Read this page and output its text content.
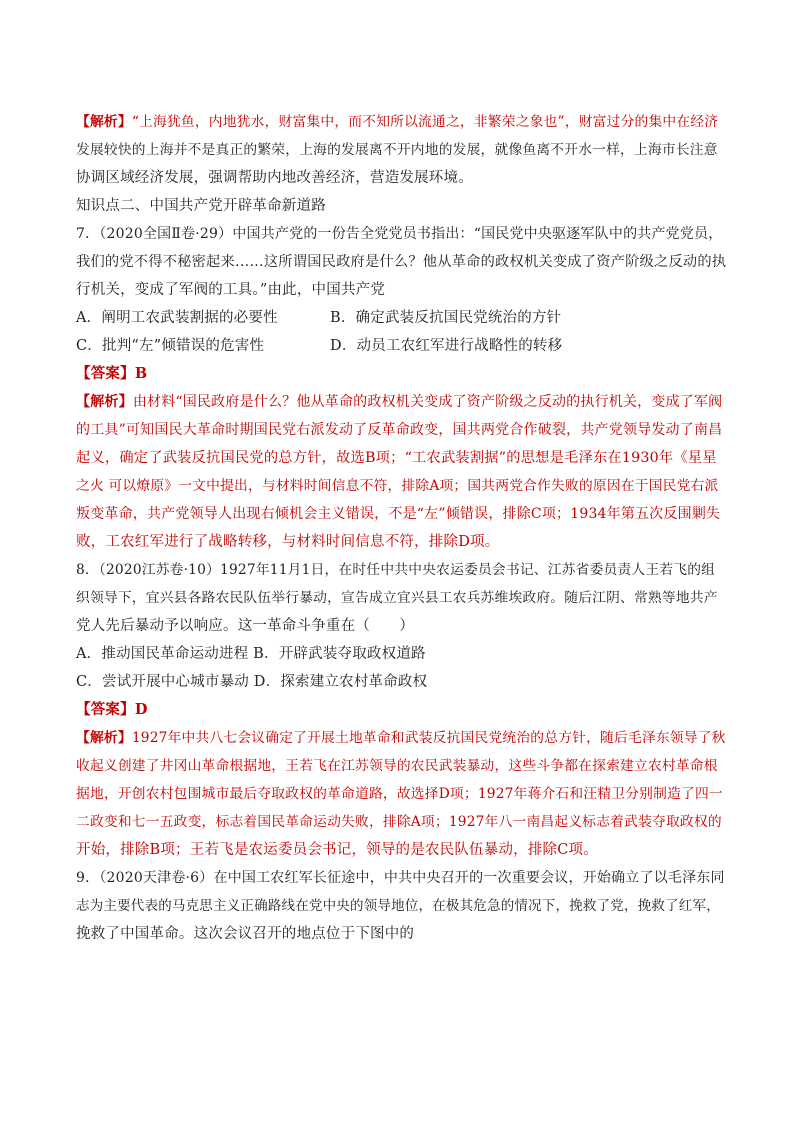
【解析】“上海犹鱼，内地犹水，财富集中，而不知所以流通之，非繁荣之象也”，财富过分的集中在经济
发展较快的上海并不是真正的繁荣，上海的发展离不开内地的发展，就像鱼离不开水一样，上海市长注意
协调区域经济发展，强调帮助内地改善经济，营造发展环境。
知识点二、中国共产党开辟革命新道路
7．（2020全国Ⅱ卷·29）中国共产党的一份告全党党员书指出：“国民党中央驱逐军队中的共产党党员，
我们的党不得不秘密起来……这所谓国民政府是什么？他从革命的政权机关变成了资产阶级之反动的执
行机关，变成了军阀的工具。”由此，中国共产党
A．阐明工农武装割据的必要性	B．确定武装反抗国民党统治的方针
C．批判“左”倾错误的危害性	D．动员工农红军进行战略性的转移
【答案】B
【解析】由材料“国民政府是什么？他从革命的政权机关变成了资产阶级之反动的执行机关，变成了军阀
的工具”可知国民大革命时期国民党右派发动了反革命政变，国共两党合作破裂，共产党领导发动了南昌
起义，确定了武装反抗国民党的总方针，故选B项；“工农武装割据”的思想是毛泽东在1930年《星星
之火 可以燎原》一文中提出，与材料时间信息不符，排除A项；国共两党合作失败的原因在于国民党右派
叛变革命，共产党领导人出现右倾机会主义错误，不是“左”倾错误，排除C项；1934年第五次反围剿失
败，工农红军进行了战略转移，与材料时间信息不符，排除D项。
8．（2020江苏卷·10）1927年11月1日，在时任中共中央农运委员会书记、江苏省委员责人王若飞的组
织领导下，宜兴县各路农民队伍举行暴动，宣告成立宜兴县工农兵苏维埃政府。随后江阴、常熟等地共产
党人先后暴动予以响应。这一革命斗争重在（　　）
A．推动国民革命运动进程 B．开辟武装夺取政权道路
C．尝试开展中心城市暴动 D．探索建立农村革命政权
【答案】D
【解析】1927年中共八七会议确定了开展土地革命和武装反抗国民党统治的总方针，随后毛泽东领导了秋
收起义创建了井冈山革命根据地，王若飞在江苏领导的农民武装暴动，这些斗争都在探索建立农村革命根
据地，开创农村包围城市最后夺取政权的革命道路，故选择D项；1927年蒋介石和汪精卫分别制造了四一
二政变和七一五政变，标志着国民革命运动失败，排除A项；1927年八一南昌起义标志着武装夺取政权的
开始，排除B项；王若飞是农运委员会书记，领导的是农民队伍暴动，排除C项。
9．（2020天津卷·6）在中国工农红军长征途中，中共中央召开的一次重要会议，开始确立了以毛泽东同
志为主要代表的马克思主义正确路线在党中央的领导地位，在极其危急的情况下，挽救了党，挽救了红军，
挽救了中国革命。这次会议召开的地点位于下图中的
